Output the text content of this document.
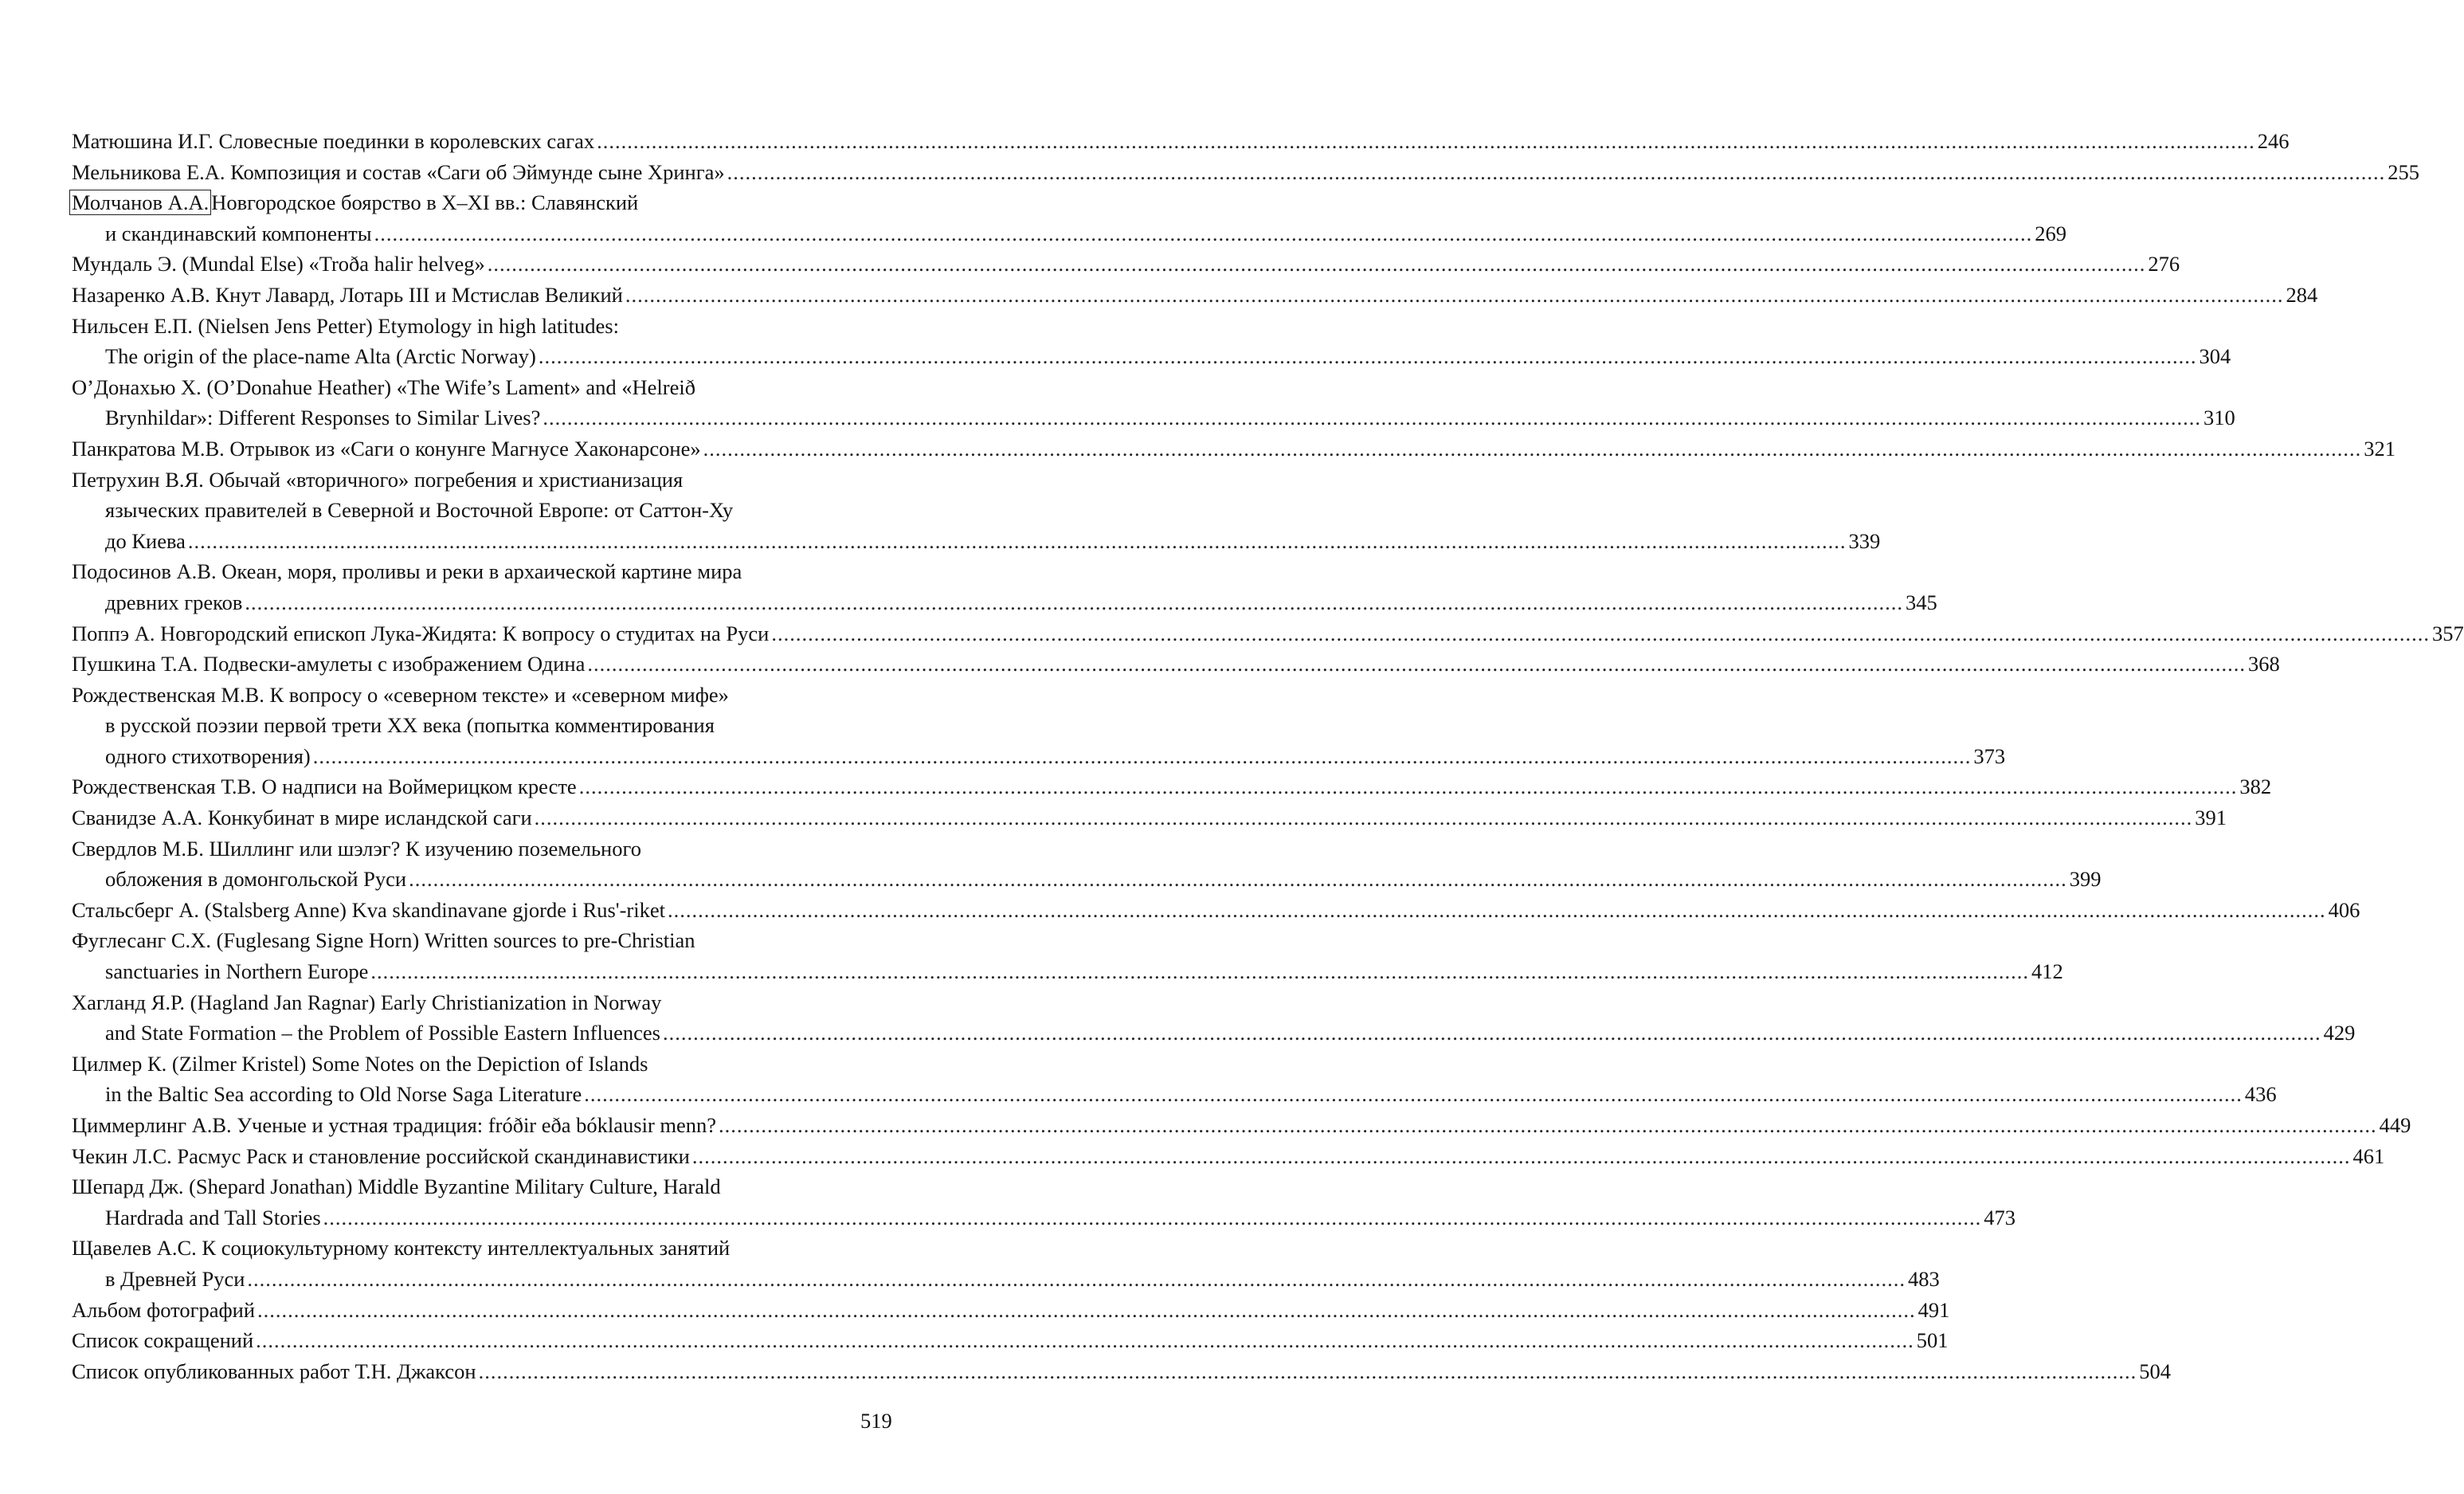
Матюшина И.Г. Словесные поединки в королевских сагах.....	246
Мельникова Е.А. Композиция и состав «Саги об Эймунде сыне Хринга».....	255
Молчанов А.А. Новгородское боярство в X–XI вв.: Славянский
и скандинавский компоненты.....	269
Мундаль Э. (Mundal Else) «Troða halir helveg».....	276
Назаренко А.В. Кнут Лавард, Лотарь III и Мстислав Великий.....	284
Нильсен Е.П. (Nielsen Jens Petter) Etymology in high latitudes:
The origin of the place-name Alta (Arctic Norway).....	304
О’Донахью Х. (O’Donahue Heather) «The Wife’s Lament» and «Helreið
Brynhildar»: Different Responses to Similar Lives?.....	310
Панкратова М.В. Отрывок из «Саги о конунге Магнусе Хаконарсоне».....	321
Петрухин В.Я. Обычай «вторичного» погребения и христианизация
языческих правителей в Северной и Восточной Европе: от Саттон-Ху
до Киева.....	339
Подосинов А.В. Океан, моря, проливы и реки в архаической картине мира
древних греков.....	345
Поппэ А. Новгородский епископ Лука-Жидята: К вопросу о студитах на Руси.....	357
Пушкина Т.А. Подвески-амулеты с изображением Одина.....	368
Рождественская М.В. К вопросу о «северном тексте» и «северном мифе»
в русской поэзии первой трети XX века (попытка комментирования
одного стихотворения).....	373
Рождественская Т.В. О надписи на Воймерицком кресте.....	382
Сванидзе А.А. Конкубинат в мире исландской саги.....	391
Свердлов М.Б. Шиллинг или шэлэг? К изучению поземельного
обложения в домонгольской Руси.....	399
Стальсберг А. (Stalsberg Anne) Kva skandinavane gjorde i Rus'-riket.....	406
Фуглесанг С.Х. (Fuglesang Signe Horn) Written sources to pre-Christian
sanctuaries in Northern Europe.....	412
Хагланд Я.Р. (Hagland Jan Ragnar) Early Christianization in Norway
and State Formation – the Problem of Possible Eastern Influences.....	429
Цилмер К. (Zilmer Kristel) Some Notes on the Depiction of Islands
in the Baltic Sea according to Old Norse Saga Literature.....	436
Циммерлинг А.В. Ученые и устная традиция: fróðir eða bóklausir menn?.....	449
Чекин Л.С. Расмус Раск и становление российской скандинавистики.....	461
Шепард Дж. (Shepard Jonathan) Middle Byzantine Military Culture, Harald
Hardrada and Tall Stories.....	473
Щавелев А.С. К социокультурному контексту интеллектуальных занятий
в Древней Руси.....	483
Альбом фотографий.....	491
Список сокращений.....	501
Список опубликованных работ Т.Н. Джаксон.....	504
519
